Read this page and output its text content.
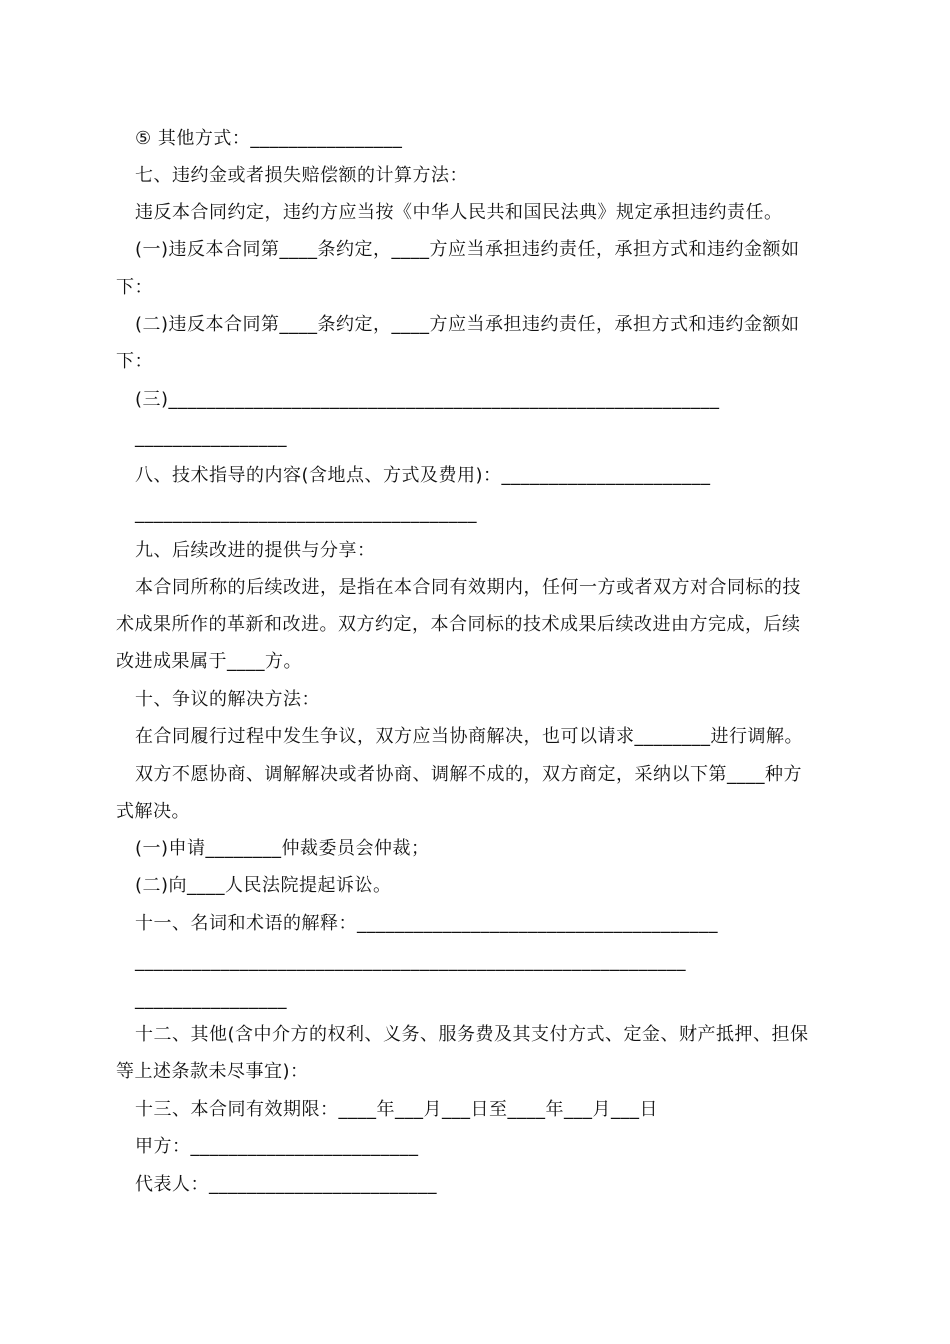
⑤ 其他方式：________________
七、违约金或者损失赔偿额的计算方法：
违反本合同约定，违约方应当按《中华人民共和国民法典》规定承担违约责任。
(一)违反本合同第____条约定，____方应当承担违约责任，承担方式和违约金额如
下：
(二)违反本合同第____条约定，____方应当承担违约责任，承担方式和违约金额如
下：
(三)__________________________________________________________
________________
八、技术指导的内容(含地点、方式及费用)：______________________
____________________________________
九、后续改进的提供与分享：
本合同所称的后续改进，是指在本合同有效期内，任何一方或者双方对合同标的技
术成果所作的革新和改进。双方约定，本合同标的技术成果后续改进由方完成，后续
改进成果属于____方。
十、争议的解决方法：
在合同履行过程中发生争议，双方应当协商解决，也可以请求________进行调解。
双方不愿协商、调解解决或者协商、调解不成的，双方商定，采纳以下第____种方
式解决。
(一)申请________仲裁委员会仲裁；
(二)向____人民法院提起诉讼。
十一、名词和术语的解释：______________________________________
__________________________________________________________
________________
十二、其他(含中介方的权利、义务、服务费及其支付方式、定金、财产抵押、担保
等上述条款未尽事宜)：
十三、本合同有效期限：____年___月___日至____年___月___日
甲方：________________________
代表人：________________________
